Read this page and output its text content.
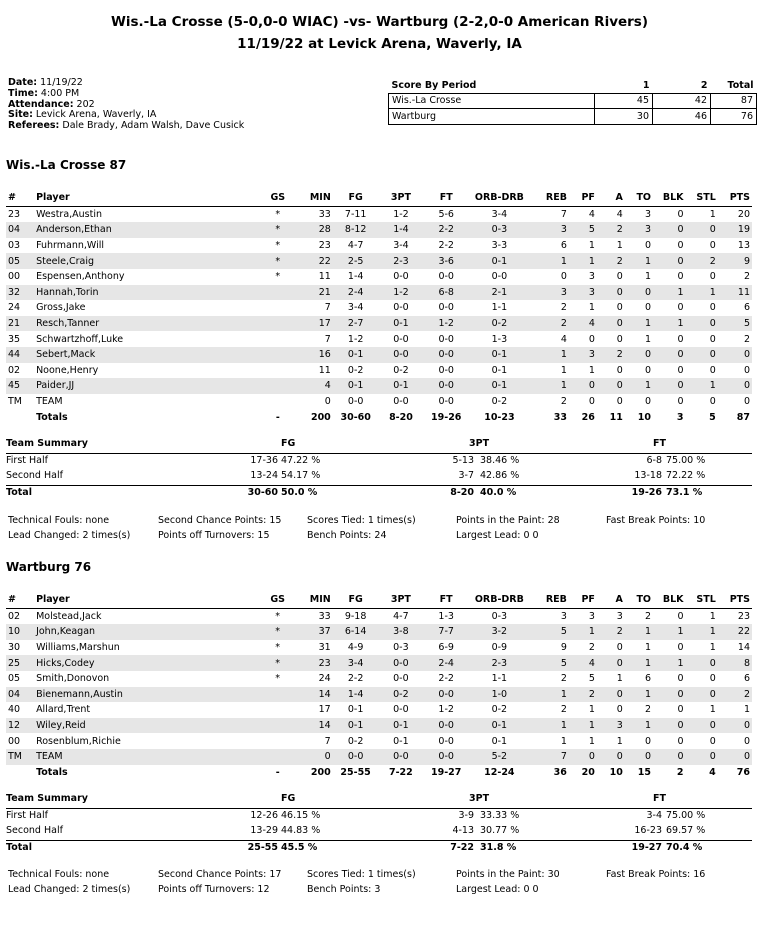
Wis.-La Crosse (5-0,0-0 WIAC) -vs- Wartburg (2-2,0-0 American Rivers)
11/19/22 at Levick Arena, Waverly, IA
Date: 11/19/22
Time: 4:00 PM
Attendance: 202
Site: Levick Arena, Waverly, IA
Referees: Dale Brady, Adam Walsh, Dave Cusick
Score By Period	1	2	Total
Wis.-La Crosse	45	42	87
Wartburg	30	46	76
Wis.-La Crosse 87
#	Player	GS	MIN	FG	3PT	FT	ORB-DRB	REB	PF	A	TO	BLK	STL	PTS
23	Westra,Austin	*	33	7-11	1-2	5-6	3-4	7	4	4	3	0	1	20
04	Anderson,Ethan	*	28	8-12	1-4	2-2	0-3	3	5	2	3	0	0	19
03	Fuhrmann,Will	*	23	4-7	3-4	2-2	3-3	6	1	1	0	0	0	13
05	Steele,Craig	*	22	2-5	2-3	3-6	0-1	1	1	2	1	0	2	9
00	Espensen,Anthony	*	11	1-4	0-0	0-0	0-0	0	3	0	1	0	0	2
32	Hannah,Torin		21	2-4	1-2	6-8	2-1	3	3	0	0	1	1	11
24	Gross,Jake		7	3-4	0-0	0-0	1-1	2	1	0	0	0	0	6
21	Resch,Tanner		17	2-7	0-1	1-2	0-2	2	4	0	1	1	0	5
35	Schwartzhoff,Luke		7	1-2	0-0	0-0	1-3	4	0	0	1	0	0	2
44	Sebert,Mack		16	0-1	0-0	0-0	0-1	1	3	2	0	0	0	0
02	Noone,Henry		11	0-2	0-2	0-0	0-1	1	1	0	0	0	0	0
45	Paider,JJ		4	0-1	0-1	0-0	0-1	1	0	0	1	0	1	0
TM	TEAM		0	0-0	0-0	0-0	0-2	2	0	0	0	0	0	0
	Totals	-	200	30-60	8-20	19-26	10-23	33	26	11	10	3	5	87
Team Summary	FG	3PT	FT
First Half	17-36 47.22 %	5-13 38.46 %	6-8 75.00 %
Second Half	13-24 54.17 %	3-7 42.86 %	13-18 72.22 %
Total	30-60 50.0 %	8-20 40.0 %	19-26 73.1 %
Technical Fouls: none	Second Chance Points: 15	Scores Tied: 1 times(s)	Points in the Paint: 28	Fast Break Points: 10
Lead Changed: 2 times(s)	Points off Turnovers: 15	Bench Points: 24	Largest Lead: 0 0
Wartburg 76
#	Player	GS	MIN	FG	3PT	FT	ORB-DRB	REB	PF	A	TO	BLK	STL	PTS
02	Molstead,Jack	*	33	9-18	4-7	1-3	0-3	3	3	3	2	0	1	23
10	John,Keagan	*	37	6-14	3-8	7-7	3-2	5	1	2	1	1	1	22
30	Williams,Marshun	*	31	4-9	0-3	6-9	0-9	9	2	0	1	0	1	14
25	Hicks,Codey	*	23	3-4	0-0	2-4	2-3	5	4	0	1	1	0	8
05	Smith,Donovon	*	24	2-2	0-0	2-2	1-1	2	5	1	6	0	0	6
04	Bienemann,Austin		14	1-4	0-2	0-0	1-0	1	2	0	1	0	0	2
40	Allard,Trent		17	0-1	0-0	1-2	0-2	2	1	0	2	0	1	1
12	Wiley,Reid		14	0-1	0-1	0-0	0-1	1	1	3	1	0	0	0
00	Rosenblum,Richie		7	0-2	0-1	0-0	0-1	1	1	1	0	0	0	0
TM	TEAM		0	0-0	0-0	0-0	5-2	7	0	0	0	0	0	0
	Totals	-	200	25-55	7-22	19-27	12-24	36	20	10	15	2	4	76
Team Summary	FG	3PT	FT
First Half	12-26 46.15 %	3-9 33.33 %	3-4 75.00 %
Second Half	13-29 44.83 %	4-13 30.77 %	16-23 69.57 %
Total	25-55 45.5 %	7-22 31.8 %	19-27 70.4 %
Technical Fouls: none	Second Chance Points: 17	Scores Tied: 1 times(s)	Points in the Paint: 30	Fast Break Points: 16
Lead Changed: 2 times(s)	Points off Turnovers: 12	Bench Points: 3	Largest Lead: 0 0
